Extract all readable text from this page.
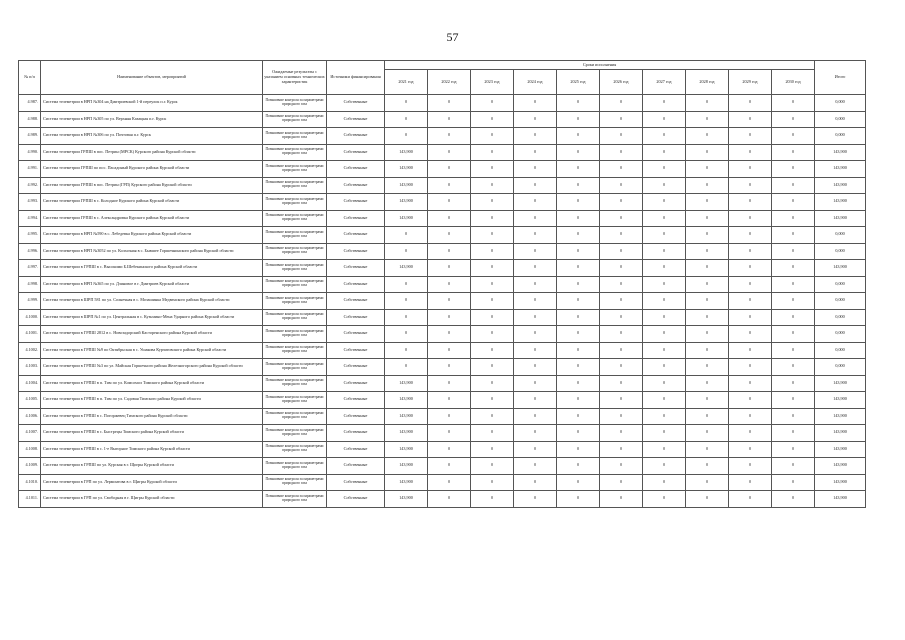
57
№ п/п	Наименование объектов, мероприятий	Ожидаемые результаты с указанием основных технических характеристик	Источники финансирования	Сроки исполнения										Итого
				2021 год	2022 год	2023 год	2024 год	2025 год	2026 год	2027 год	2028 год	2029 год	2030 год	
4.987.	Система телеметрии в НРП №304 на Дмитриевской 1-й переулок п.г. Курск	Повышение контроля за параметрами природного газа	Собственные	0	0	0	0	0	0	0	0	0	0	0,000
4.988.	Система телеметрии в НРП №305 по ул. Верхняя Казацкая п.г. Курск	Повышение контроля за параметрами природного газа	Собственные	0	0	0	0	0	0	0	0	0	0	0,000
4.989.	Система телеметрии в НРП №306 по ул. Почтовая п.г. Курск	Повышение контроля за параметрами природного газа	Собственные	0	0	0	0	0	0	0	0	0	0	0,000
4.990.	Система телеметрии ГРПШ в пос. Петрин (МРСК) Курского района Курской области	Повышение контроля за параметрами природного газа	Собственные	143,900	0	0	0	0	0	0	0	0	0	143,900
4.991.	Система телеметрии ГРПШ по пос. Пасадиный Курского района Курской области	Повышение контроля за параметрами природного газа	Собственные	143,900	0	0	0	0	0	0	0	0	0	143,900
4.992.	Система телеметрии ГРПШ в пос. Петрин (ГРП) Курского района Курской области	Повышение контроля за параметрами природного газа	Собственные	143,900	0	0	0	0	0	0	0	0	0	143,900
4.993.	Система телеметрии ГРПШ в с. Колодное Курского района Курской области	Повышение контроля за параметрами природного газа	Собственные	143,900	0	0	0	0	0	0	0	0	0	143,900
4.994.	Система телеметрии ГРПШ в с. Александровка Курского района Курской области	Повышение контроля за параметрами природного газа	Собственные	143,900	0	0	0	0	0	0	0	0	0	143,900
4.995.	Система телеметрии в НРП №590 в с. Лебедевка Курского района Курской области	Повышение контроля за параметрами природного газа	Собственные	0	0	0	0	0	0	0	0	0	0	0,000
4.996.	Система телеметрии в НРП №3052 по ул. Колхозная в с. Бывшее Горшечнинского района Курской области	Повышение контроля за параметрами природного газа	Собственные	0	0	0	0	0	0	0	0	0	0	0,000
4.997.	Система телеметрии в ГРПШ в с. Высокими Б.Шебекинского района Курской области	Повышение контроля за параметрами природного газа	Собственные	143,900	0	0	0	0	0	0	0	0	0	143,900
4.998.	Система телеметрии в НРП №365 по ул. Дзиновое в г. Дмитриев Курской области	Повышение контроля за параметрами природного газа	Собственные	0	0	0	0	0	0	0	0	0	0	0,000
4.999.	Система телеметрии в ШРП 581 по ул. Солнечная в с. Мозашинка Медвенского района Курской области	Повышение контроля за параметрами природного газа	Собственные	0	0	0	0	0	0	0	0	0	0	0,000
4.1000.	Система телеметрии в ШРП №1 по ул. Центральная в с. Кузьмино-Мена Ударного района Курской области	Повышение контроля за параметрами природного газа	Собственные	0	0	0	0	0	0	0	0	0	0	0,000
4.1001.	Система телеметрии в ГРПШ 2812 в с. Новозадорский Касторенского района Курской области	Повышение контроля за параметрами природного газа	Собственные	0	0	0	0	0	0	0	0	0	0	0,000
4.1002.	Система телеметрии в ГРПШ №9 по Октябрьская в с. Ушакова Курчатовского района Курской области	Повышение контроля за параметрами природного газа	Собственные	0	0	0	0	0	0	0	0	0	0	0,000
4.1003.	Система телеметрии в ГРПШ №3 по ул. Майская Горшечного района Железногорского района Курской области	Повышение контроля за параметрами природного газа	Собственные	0	0	0	0	0	0	0	0	0	0	0,000
4.1004.	Система телеметрии в ГРПШ в п. Тим по ул. Комсомол Тимского района Курской области	Повышение контроля за параметрами природного газа	Собственные	143,900	0	0	0	0	0	0	0	0	0	143,900
4.1005.	Система телеметрии в ГРПШ в п. Тим по ул. Садовая Тимского района Курской области	Повышение контроля за параметрами природного газа	Собственные	143,900	0	0	0	0	0	0	0	0	0	143,900
4.1006.	Система телеметрии в ГРПШ в с. Погоржевец Тимского района Курской области	Повышение контроля за параметрами природного газа	Собственные	143,900	0	0	0	0	0	0	0	0	0	143,900
4.1007.	Система телеметрии в ГРПШ в с. Быстрецы Тимского района Курской области	Повышение контроля за параметрами природного газа	Собственные	143,900	0	0	0	0	0	0	0	0	0	143,900
4.1008.	Система телеметрии в ГРПШ в с. 1-е Выгорное Тимского района Курской области	Повышение контроля за параметрами природного газа	Собственные	143,900	0	0	0	0	0	0	0	0	0	143,900
4.1009.	Система телеметрии в ГРПШ по ул. Курская в г. Щигры Курской области	Повышение контроля за параметрами природного газа	Собственные	143,900	0	0	0	0	0	0	0	0	0	143,900
4.1010.	Система телеметрии в ГРП по ул. Лермонтова в г. Щигры Курской области	Повышение контроля за параметрами природного газа	Собственные	143,900	0	0	0	0	0	0	0	0	0	143,900
4.1011.	Система телеметрии в ГРП по ул. Свободная в г. Щигры Курской области	Повышение контроля за параметрами природного газа	Собственные	143,900	0	0	0	0	0	0	0	0	0	143,900
